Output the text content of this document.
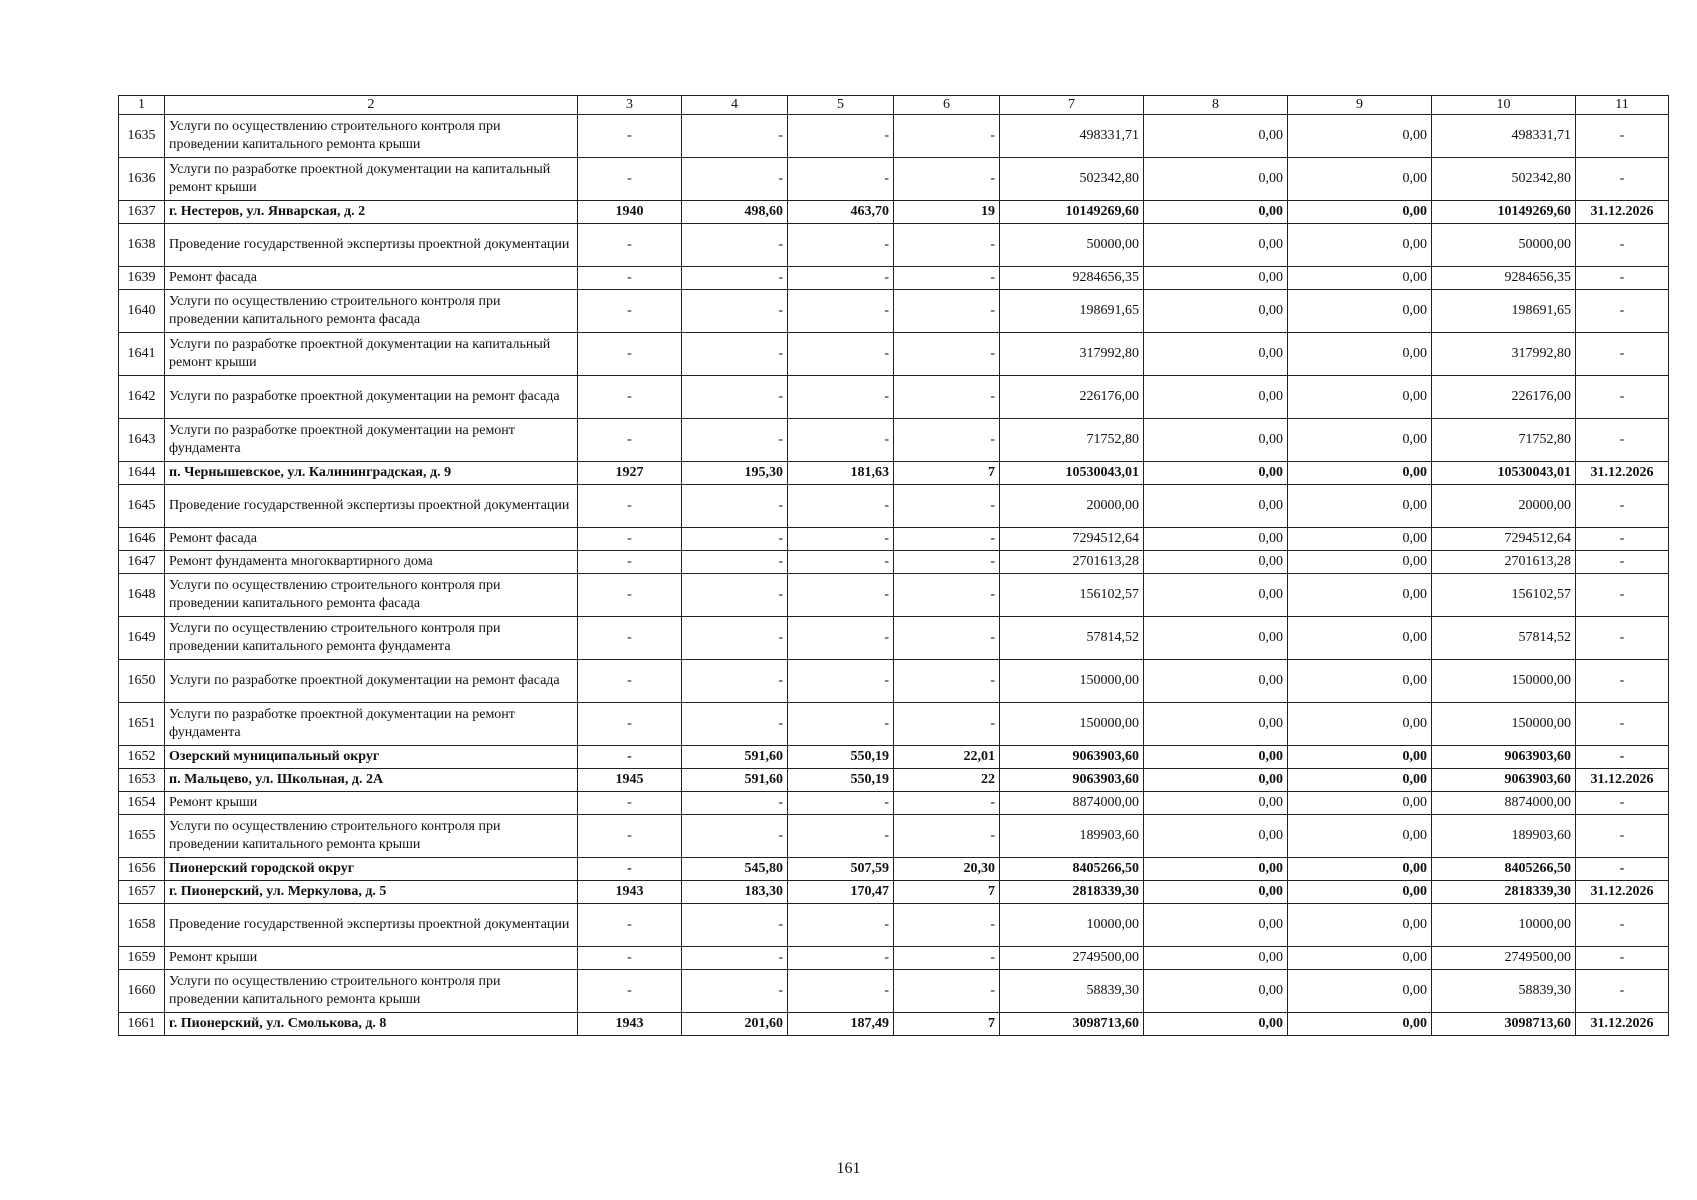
1	2	3	4	5	6	7	8	9	10	11
1635	Услуги по осуществлению строительного контроля при проведении капитального ремонта крыши	-	-	-	-	498331,71	0,00	0,00	498331,71	-
1636	Услуги по разработке проектной документации на капитальный ремонт крыши	-	-	-	-	502342,80	0,00	0,00	502342,80	-
1637	г. Нестеров, ул. Январская, д. 2	1940	498,60	463,70	19	10149269,60	0,00	0,00	10149269,60	31.12.2026
1638	Проведение государственной экспертизы проектной документации	-	-	-	-	50000,00	0,00	0,00	50000,00	-
1639	Ремонт фасада	-	-	-	-	9284656,35	0,00	0,00	9284656,35	-
1640	Услуги по осуществлению строительного контроля при проведении капитального ремонта фасада	-	-	-	-	198691,65	0,00	0,00	198691,65	-
1641	Услуги по разработке проектной документации на капитальный ремонт крыши	-	-	-	-	317992,80	0,00	0,00	317992,80	-
1642	Услуги по разработке проектной документации на ремонт фасада	-	-	-	-	226176,00	0,00	0,00	226176,00	-
1643	Услуги по разработке проектной документации на ремонт фундамента	-	-	-	-	71752,80	0,00	0,00	71752,80	-
1644	п. Чернышевское, ул. Калининградская, д. 9	1927	195,30	181,63	7	10530043,01	0,00	0,00	10530043,01	31.12.2026
1645	Проведение государственной экспертизы проектной документации	-	-	-	-	20000,00	0,00	0,00	20000,00	-
1646	Ремонт фасада	-	-	-	-	7294512,64	0,00	0,00	7294512,64	-
1647	Ремонт фундамента многоквартирного дома	-	-	-	-	2701613,28	0,00	0,00	2701613,28	-
1648	Услуги по осуществлению строительного контроля при проведении капитального ремонта фасада	-	-	-	-	156102,57	0,00	0,00	156102,57	-
1649	Услуги по осуществлению строительного контроля при проведении капитального ремонта фундамента	-	-	-	-	57814,52	0,00	0,00	57814,52	-
1650	Услуги по разработке проектной документации на ремонт фасада	-	-	-	-	150000,00	0,00	0,00	150000,00	-
1651	Услуги по разработке проектной документации на ремонт фундамента	-	-	-	-	150000,00	0,00	0,00	150000,00	-
1652	Озерский муниципальный округ	-	591,60	550,19	22,01	9063903,60	0,00	0,00	9063903,60	-
1653	п. Мальцево, ул. Школьная, д. 2А	1945	591,60	550,19	22	9063903,60	0,00	0,00	9063903,60	31.12.2026
1654	Ремонт крыши	-	-	-	-	8874000,00	0,00	0,00	8874000,00	-
1655	Услуги по осуществлению строительного контроля при проведении капитального ремонта крыши	-	-	-	-	189903,60	0,00	0,00	189903,60	-
1656	Пионерский городской округ	-	545,80	507,59	20,30	8405266,50	0,00	0,00	8405266,50	-
1657	г. Пионерский, ул. Меркулова, д. 5	1943	183,30	170,47	7	2818339,30	0,00	0,00	2818339,30	31.12.2026
1658	Проведение государственной экспертизы проектной документации	-	-	-	-	10000,00	0,00	0,00	10000,00	-
1659	Ремонт крыши	-	-	-	-	2749500,00	0,00	0,00	2749500,00	-
1660	Услуги по осуществлению строительного контроля при проведении капитального ремонта крыши	-	-	-	-	58839,30	0,00	0,00	58839,30	-
1661	г. Пионерский, ул. Смолькова, д. 8	1943	201,60	187,49	7	3098713,60	0,00	0,00	3098713,60	31.12.2026
161
